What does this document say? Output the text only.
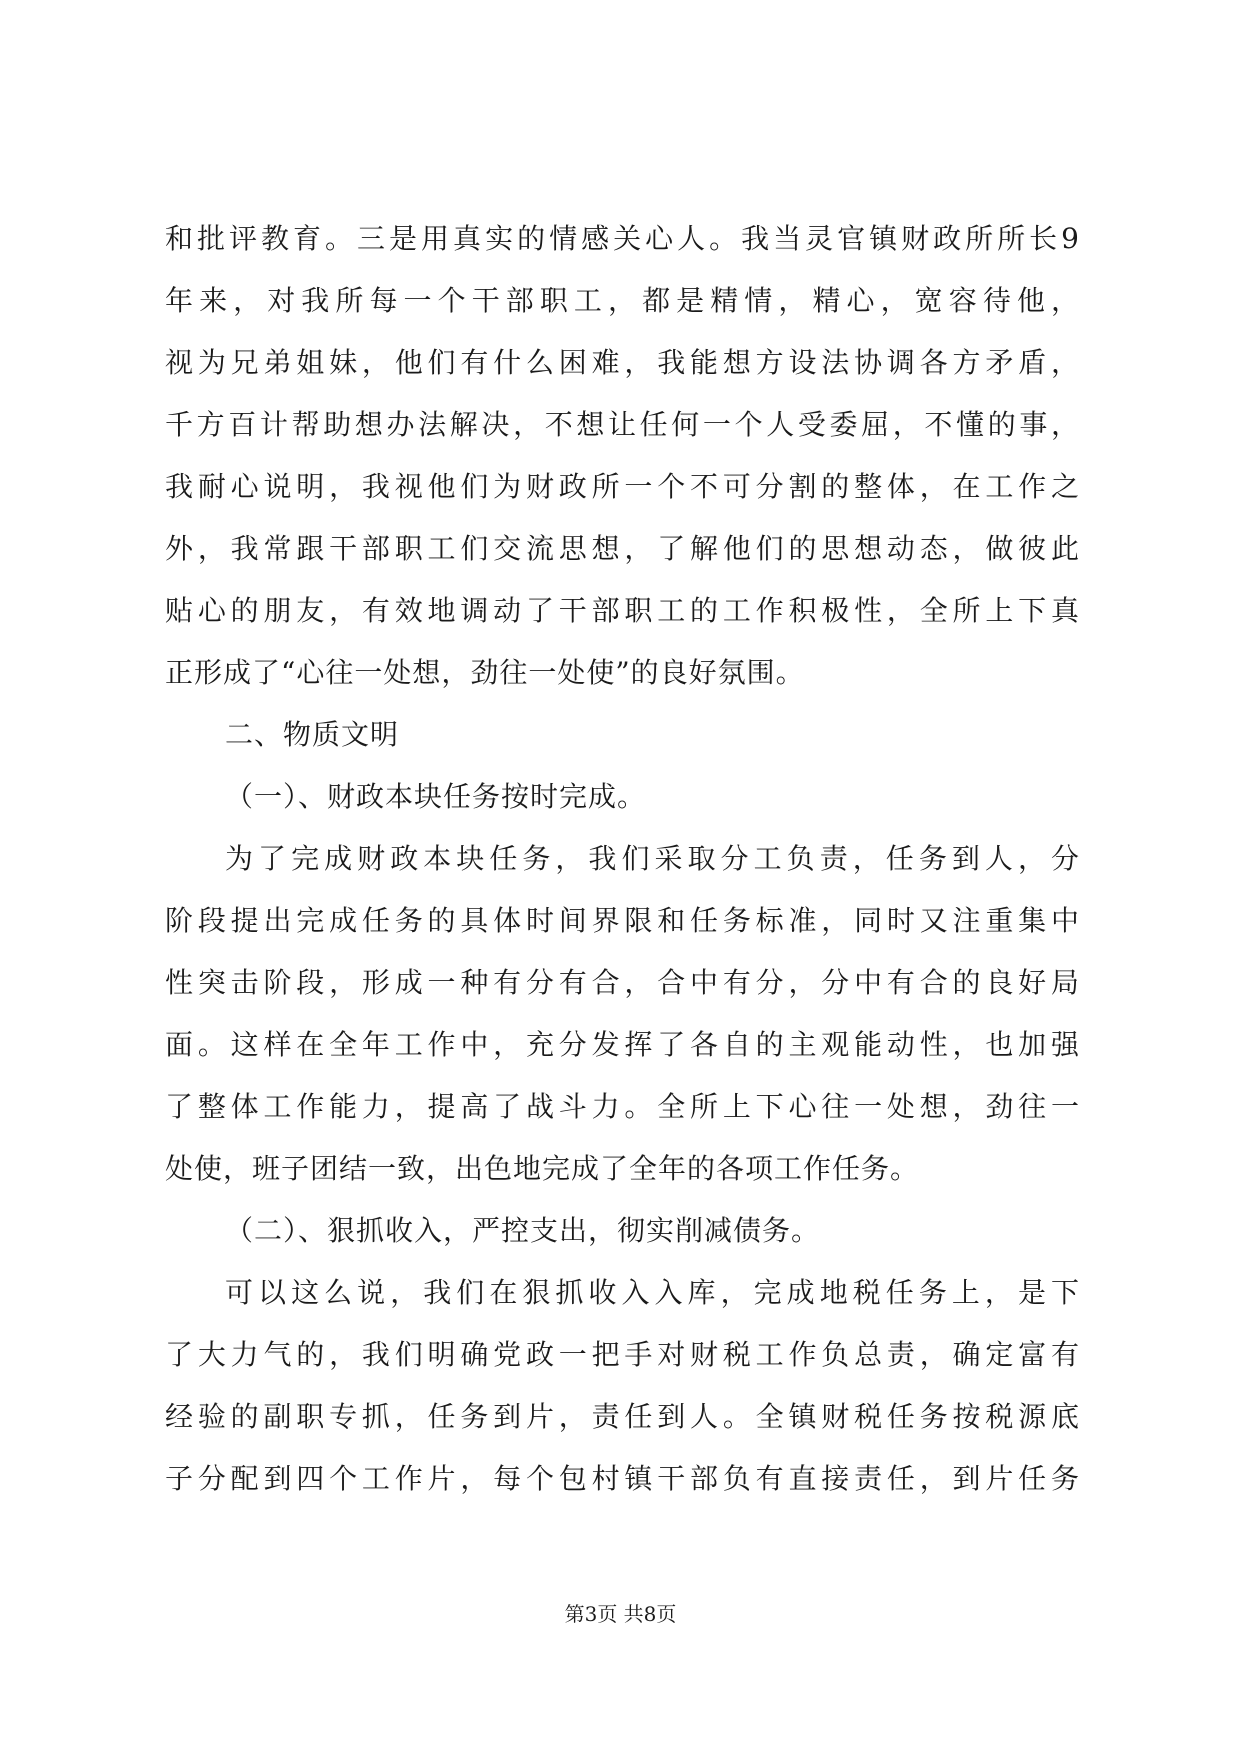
和批评教育。三是用真实的情感关心人。我当灵官镇财政所所长9
年来，对我所每一个干部职工，都是精情，精心，宽容待他，
视为兄弟姐妹，他们有什么困难，我能想方设法协调各方矛盾，
千方百计帮助想办法解决，不想让任何一个人受委屈，不懂的事，
我耐心说明，我视他们为财政所一个不可分割的整体，在工作之
外，我常跟干部职工们交流思想，了解他们的思想动态，做彼此
贴心的朋友，有效地调动了干部职工的工作积极性，全所上下真
正形成了“心往一处想，劲往一处使”的良好氛围。
二、物质文明
（一）、财政本块任务按时完成。
为了完成财政本块任务，我们采取分工负责，任务到人，分
阶段提出完成任务的具体时间界限和任务标准，同时又注重集中
性突击阶段，形成一种有分有合，合中有分，分中有合的良好局
面。这样在全年工作中，充分发挥了各自的主观能动性，也加强
了整体工作能力，提高了战斗力。全所上下心往一处想，劲往一
处使，班子团结一致，出色地完成了全年的各项工作任务。
（二）、狠抓收入，严控支出，彻实削减债务。
可以这么说，我们在狠抓收入入库，完成地税任务上，是下
了大力气的，我们明确党政一把手对财税工作负总责，确定富有
经验的副职专抓，任务到片，责任到人。全镇财税任务按税源底
子分配到四个工作片，每个包村镇干部负有直接责任，到片任务
第3页 共8页
